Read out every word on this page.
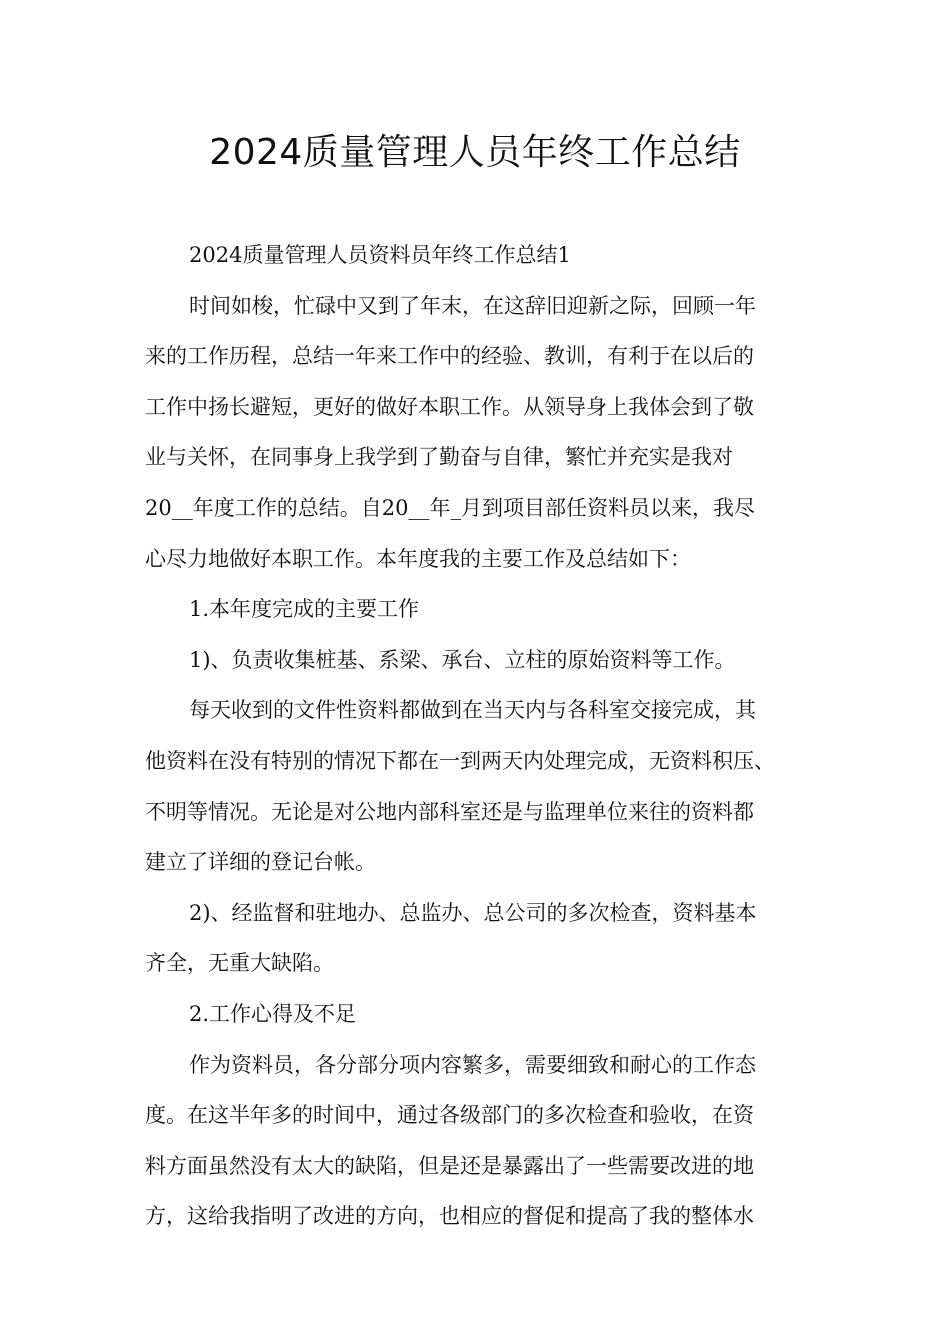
2024质量管理人员年终工作总结
2024质量管理人员资料员年终工作总结1
时间如梭，忙碌中又到了年末，在这辞旧迎新之际，回顾一年
来的工作历程，总结一年来工作中的经验、教训，有利于在以后的
工作中扬长避短，更好的做好本职工作。从领导身上我体会到了敬
业与关怀，在同事身上我学到了勤奋与自律，繁忙并充实是我对
20__年度工作的总结。自20__年_月到项目部任资料员以来，我尽
心尽力地做好本职工作。本年度我的主要工作及总结如下：
1.本年度完成的主要工作
1)、负责收集桩基、系梁、承台、立柱的原始资料等工作。
每天收到的文件性资料都做到在当天内与各科室交接完成，其
他资料在没有特别的情况下都在一到两天内处理完成，无资料积压、
不明等情况。无论是对公地内部科室还是与监理单位来往的资料都
建立了详细的登记台帐。
2)、经监督和驻地办、总监办、总公司的多次检查，资料基本
齐全，无重大缺陷。
2.工作心得及不足
作为资料员，各分部分项内容繁多，需要细致和耐心的工作态
度。在这半年多的时间中，通过各级部门的多次检查和验收，在资
料方面虽然没有太大的缺陷，但是还是暴露出了一些需要改进的地
方，这给我指明了改进的方向，也相应的督促和提高了我的整体水
